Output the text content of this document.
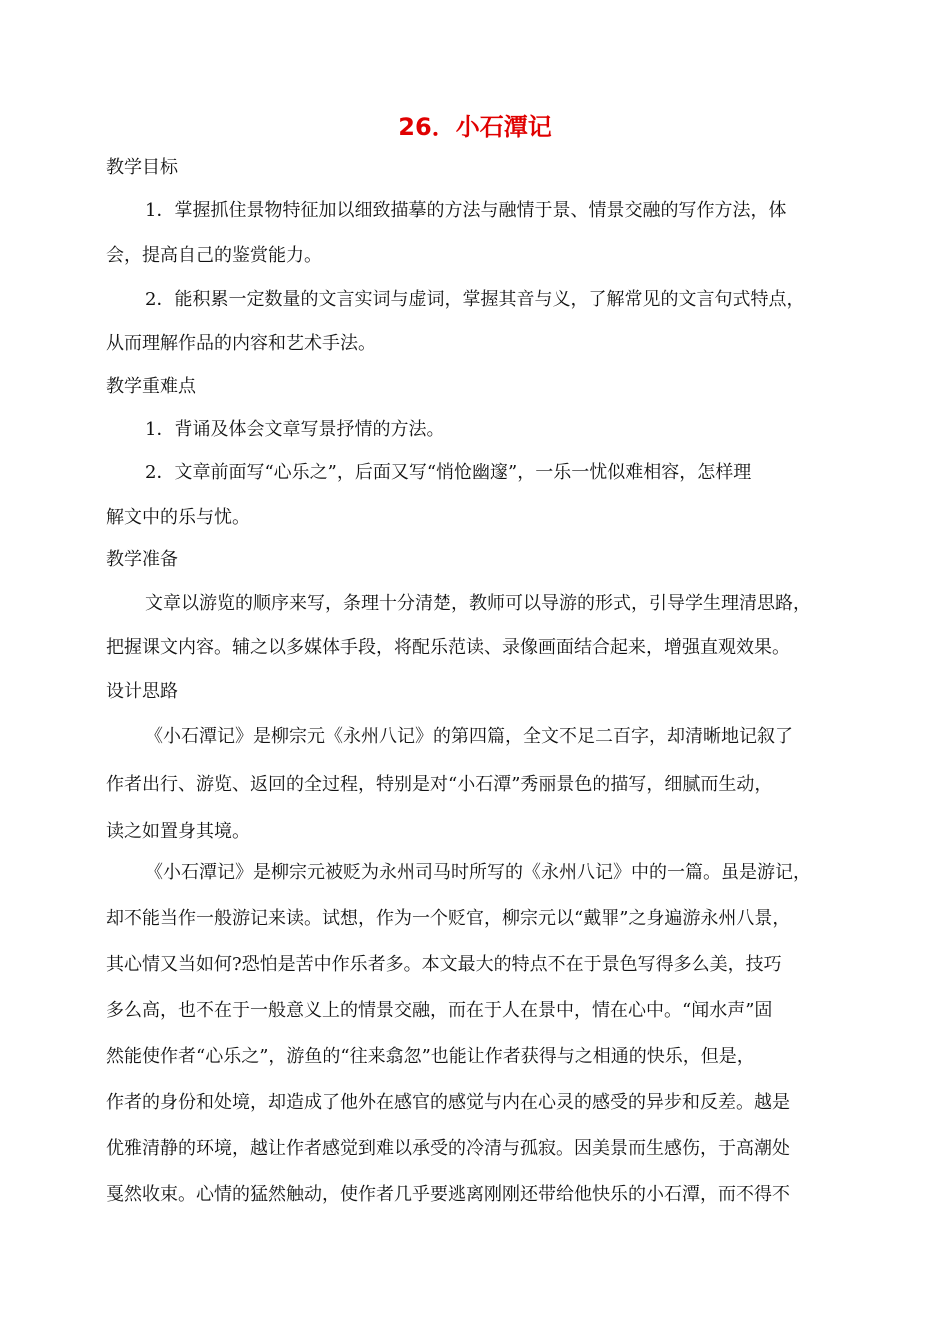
26．小石潭记
教学目标
1．掌握抓住景物特征加以细致描摹的方法与融情于景、情景交融的写作方法，体
会，提高自己的鉴赏能力。
2．能积累一定数量的文言实词与虚词，掌握其音与义，了解常见的文言句式特点，
从而理解作品的内容和艺术手法。
教学重难点
1．背诵及体会文章写景抒情的方法。
2．文章前面写“心乐之”，后面又写“悄怆幽邃”，一乐一忧似难相容，怎样理
解文中的乐与忧。
教学准备
文章以游览的顺序来写，条理十分清楚，教师可以导游的形式，引导学生理清思路，
把握课文内容。辅之以多媒体手段，将配乐范读、录像画面结合起来，增强直观效果。
设计思路
《小石潭记》是柳宗元《永州八记》的第四篇，全文不足二百字，却清晰地记叙了
作者出行、游览、返回的全过程，特别是对“小石潭”秀丽景色的描写，细腻而生动，
读之如置身其境。
《小石潭记》是柳宗元被贬为永州司马时所写的《永州八记》中的一篇。虽是游记，
却不能当作一般游记来读。试想，作为一个贬官，柳宗元以“戴罪”之身遍游永州八景，
其心情又当如何?恐怕是苦中作乐者多。本文最大的特点不在于景色写得多么美，技巧
多么高，也不在于一般意义上的情景交融，而在于人在景中，情在心中。“闻水声”固
然能使作者“心乐之”，游鱼的“往来翕忽”也能让作者获得与之相通的快乐，但是，
作者的身份和处境，却造成了他外在感官的感觉与内在心灵的感受的异步和反差。越是
优雅清静的环境，越让作者感觉到难以承受的冷清与孤寂。因美景而生感伤，于高潮处
戛然收束。心情的猛然触动，使作者几乎要逃离刚刚还带给他快乐的小石潭，而不得不
